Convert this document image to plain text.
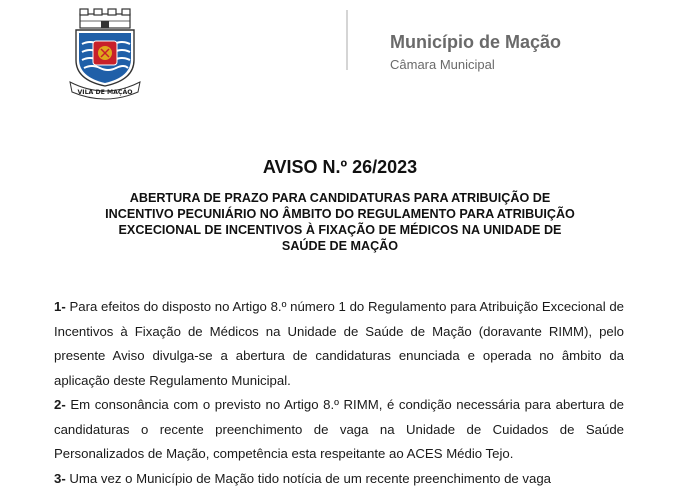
VILA DE MAÇÃO
Município de Mação
Câmara Municipal
AVISO N.º 26/2023
ABERTURA DE PRAZO PARA CANDIDATURAS PARA ATRIBUIÇÃO DE
INCENTIVO PECUNIÁRIO NO ÂMBITO DO REGULAMENTO PARA ATRIBUIÇÃO
EXCECIONAL DE INCENTIVOS À FIXAÇÃO DE MÉDICOS NA UNIDADE DE
SAÚDE DE MAÇÃO

1- Para efeitos do disposto no Artigo 8.º número 1 do Regulamento para Atribuição Excecional de Incentivos à Fixação de Médicos na Unidade de Saúde de Mação (doravante RIMM), pelo presente Aviso divulga-se a abertura de candidaturas enunciada e operada no âmbito da aplicação deste Regulamento Municipal.

2- Em consonância com o previsto no Artigo 8.º RIMM, é condição necessária para abertura de candidaturas o recente preenchimento de vaga na Unidade de Cuidados de Saúde Personalizados de Mação, competência esta respeitante ao ACES Médio Tejo.

3- Uma vez o Município de Mação tido notícia de um recente preenchimento de vaga
